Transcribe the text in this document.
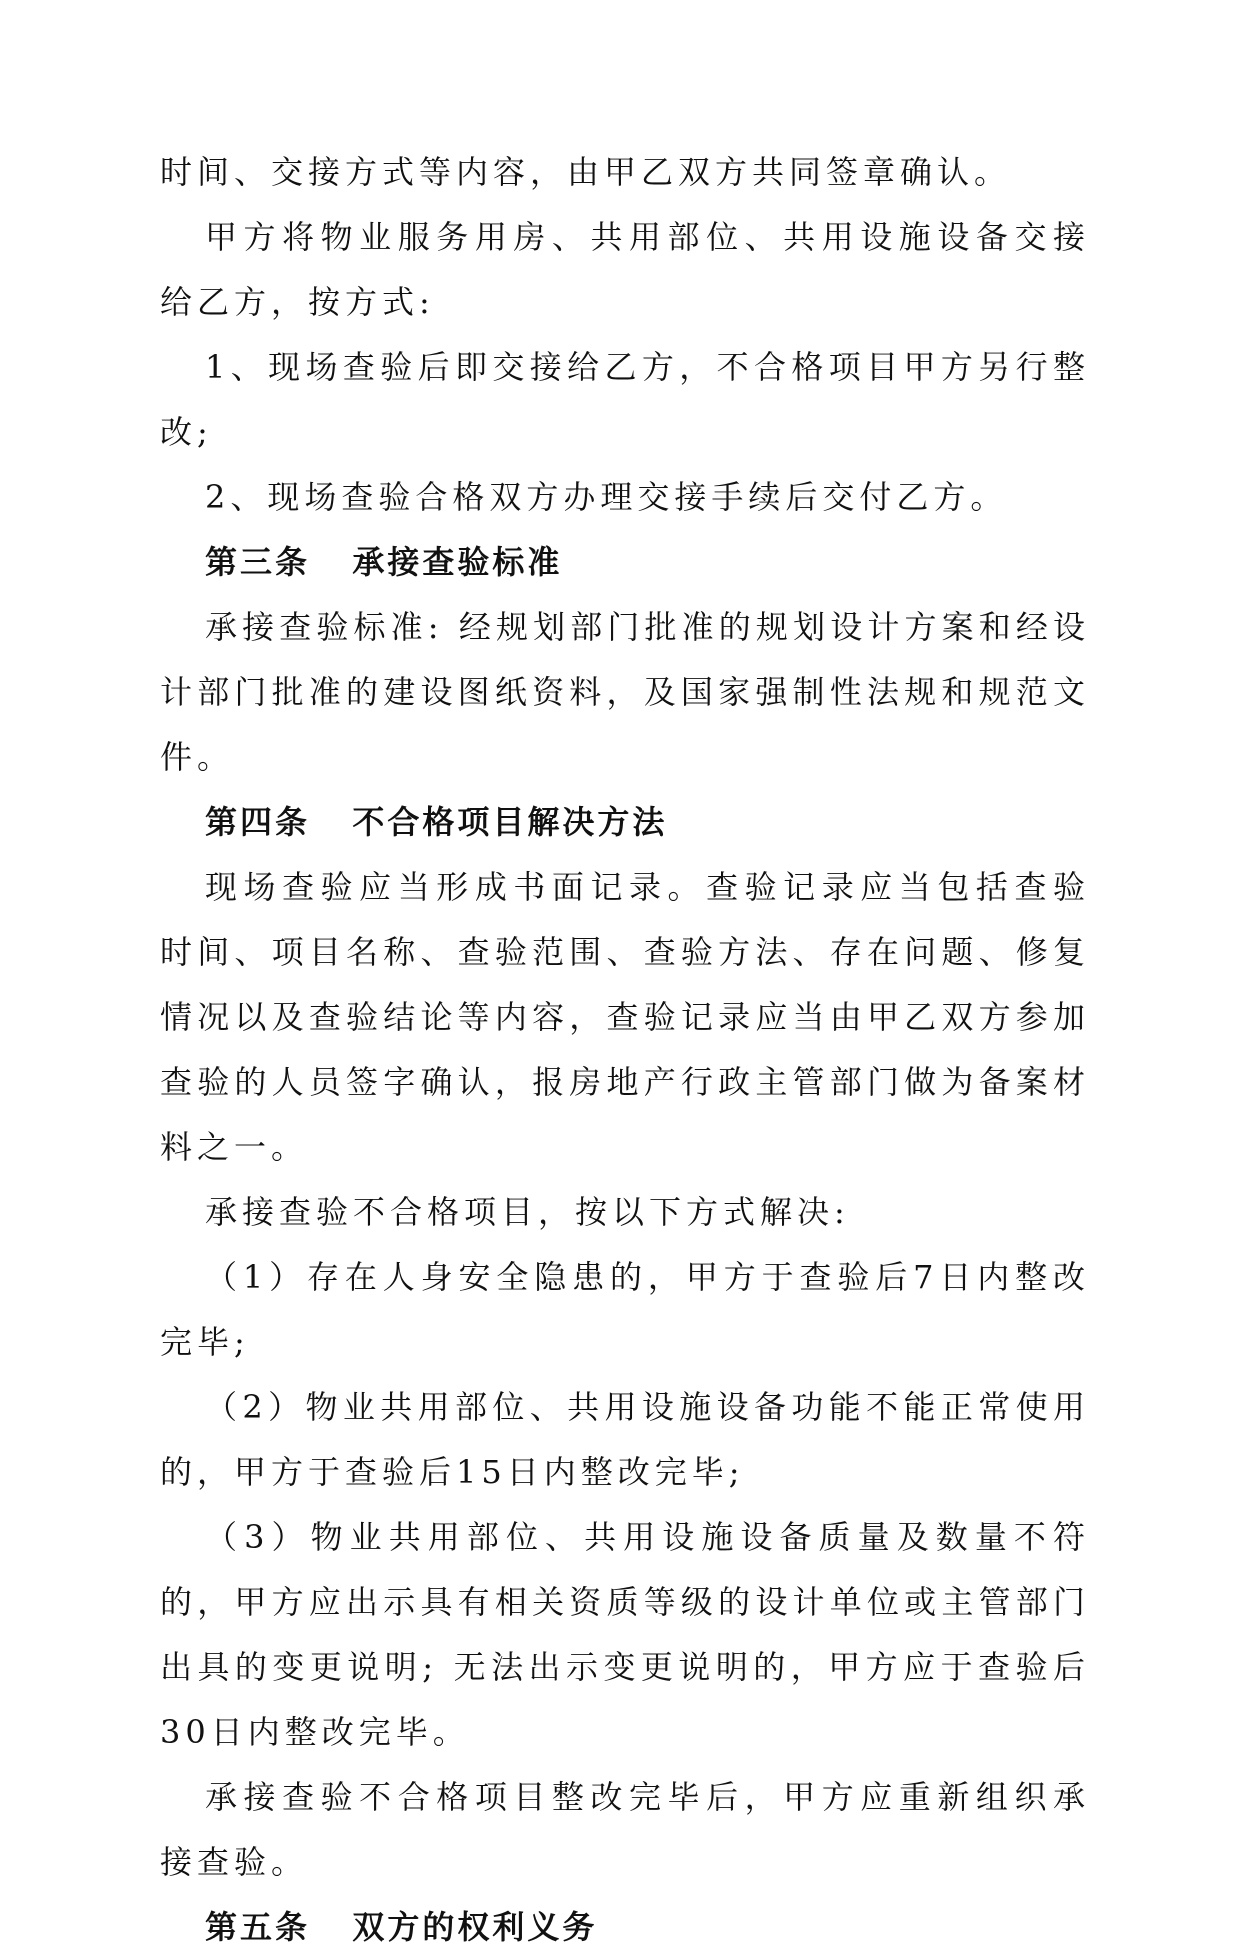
时间、交接方式等内容，由甲乙双方共同签章确认。

甲方将物业服务用房、共用部位、共用设施设备交接给乙方，按方式:

1、现场查验后即交接给乙方，不合格项目甲方另行整改;

2、现场查验合格双方办理交接手续后交付乙方。

第三条   承接查验标准

承接查验标准: 经规划部门批准的规划设计方案和经设计部门批准的建设图纸资料，及国家强制性法规和规范文件。

第四条   不合格项目解决方法

现场查验应当形成书面记录。查验记录应当包括查验时间、项目名称、查验范围、查验方法、存在问题、修复情况以及查验结论等内容，查验记录应当由甲乙双方参加查验的人员签字确认，报房地产行政主管部门做为备案材料之一。

承接查验不合格项目，按以下方式解决:

（1）存在人身安全隐患的，甲方于查验后7日内整改完毕;

（2）物业共用部位、共用设施设备功能不能正常使用的，甲方于查验后15日内整改完毕;

（3）物业共用部位、共用设施设备质量及数量不符的，甲方应出示具有相关资质等级的设计单位或主管部门出具的变更说明; 无法出示变更说明的，甲方应于查验后30日内整改完毕。

承接查验不合格项目整改完毕后，甲方应重新组织承接查验。

第五条   双方的权利义务
